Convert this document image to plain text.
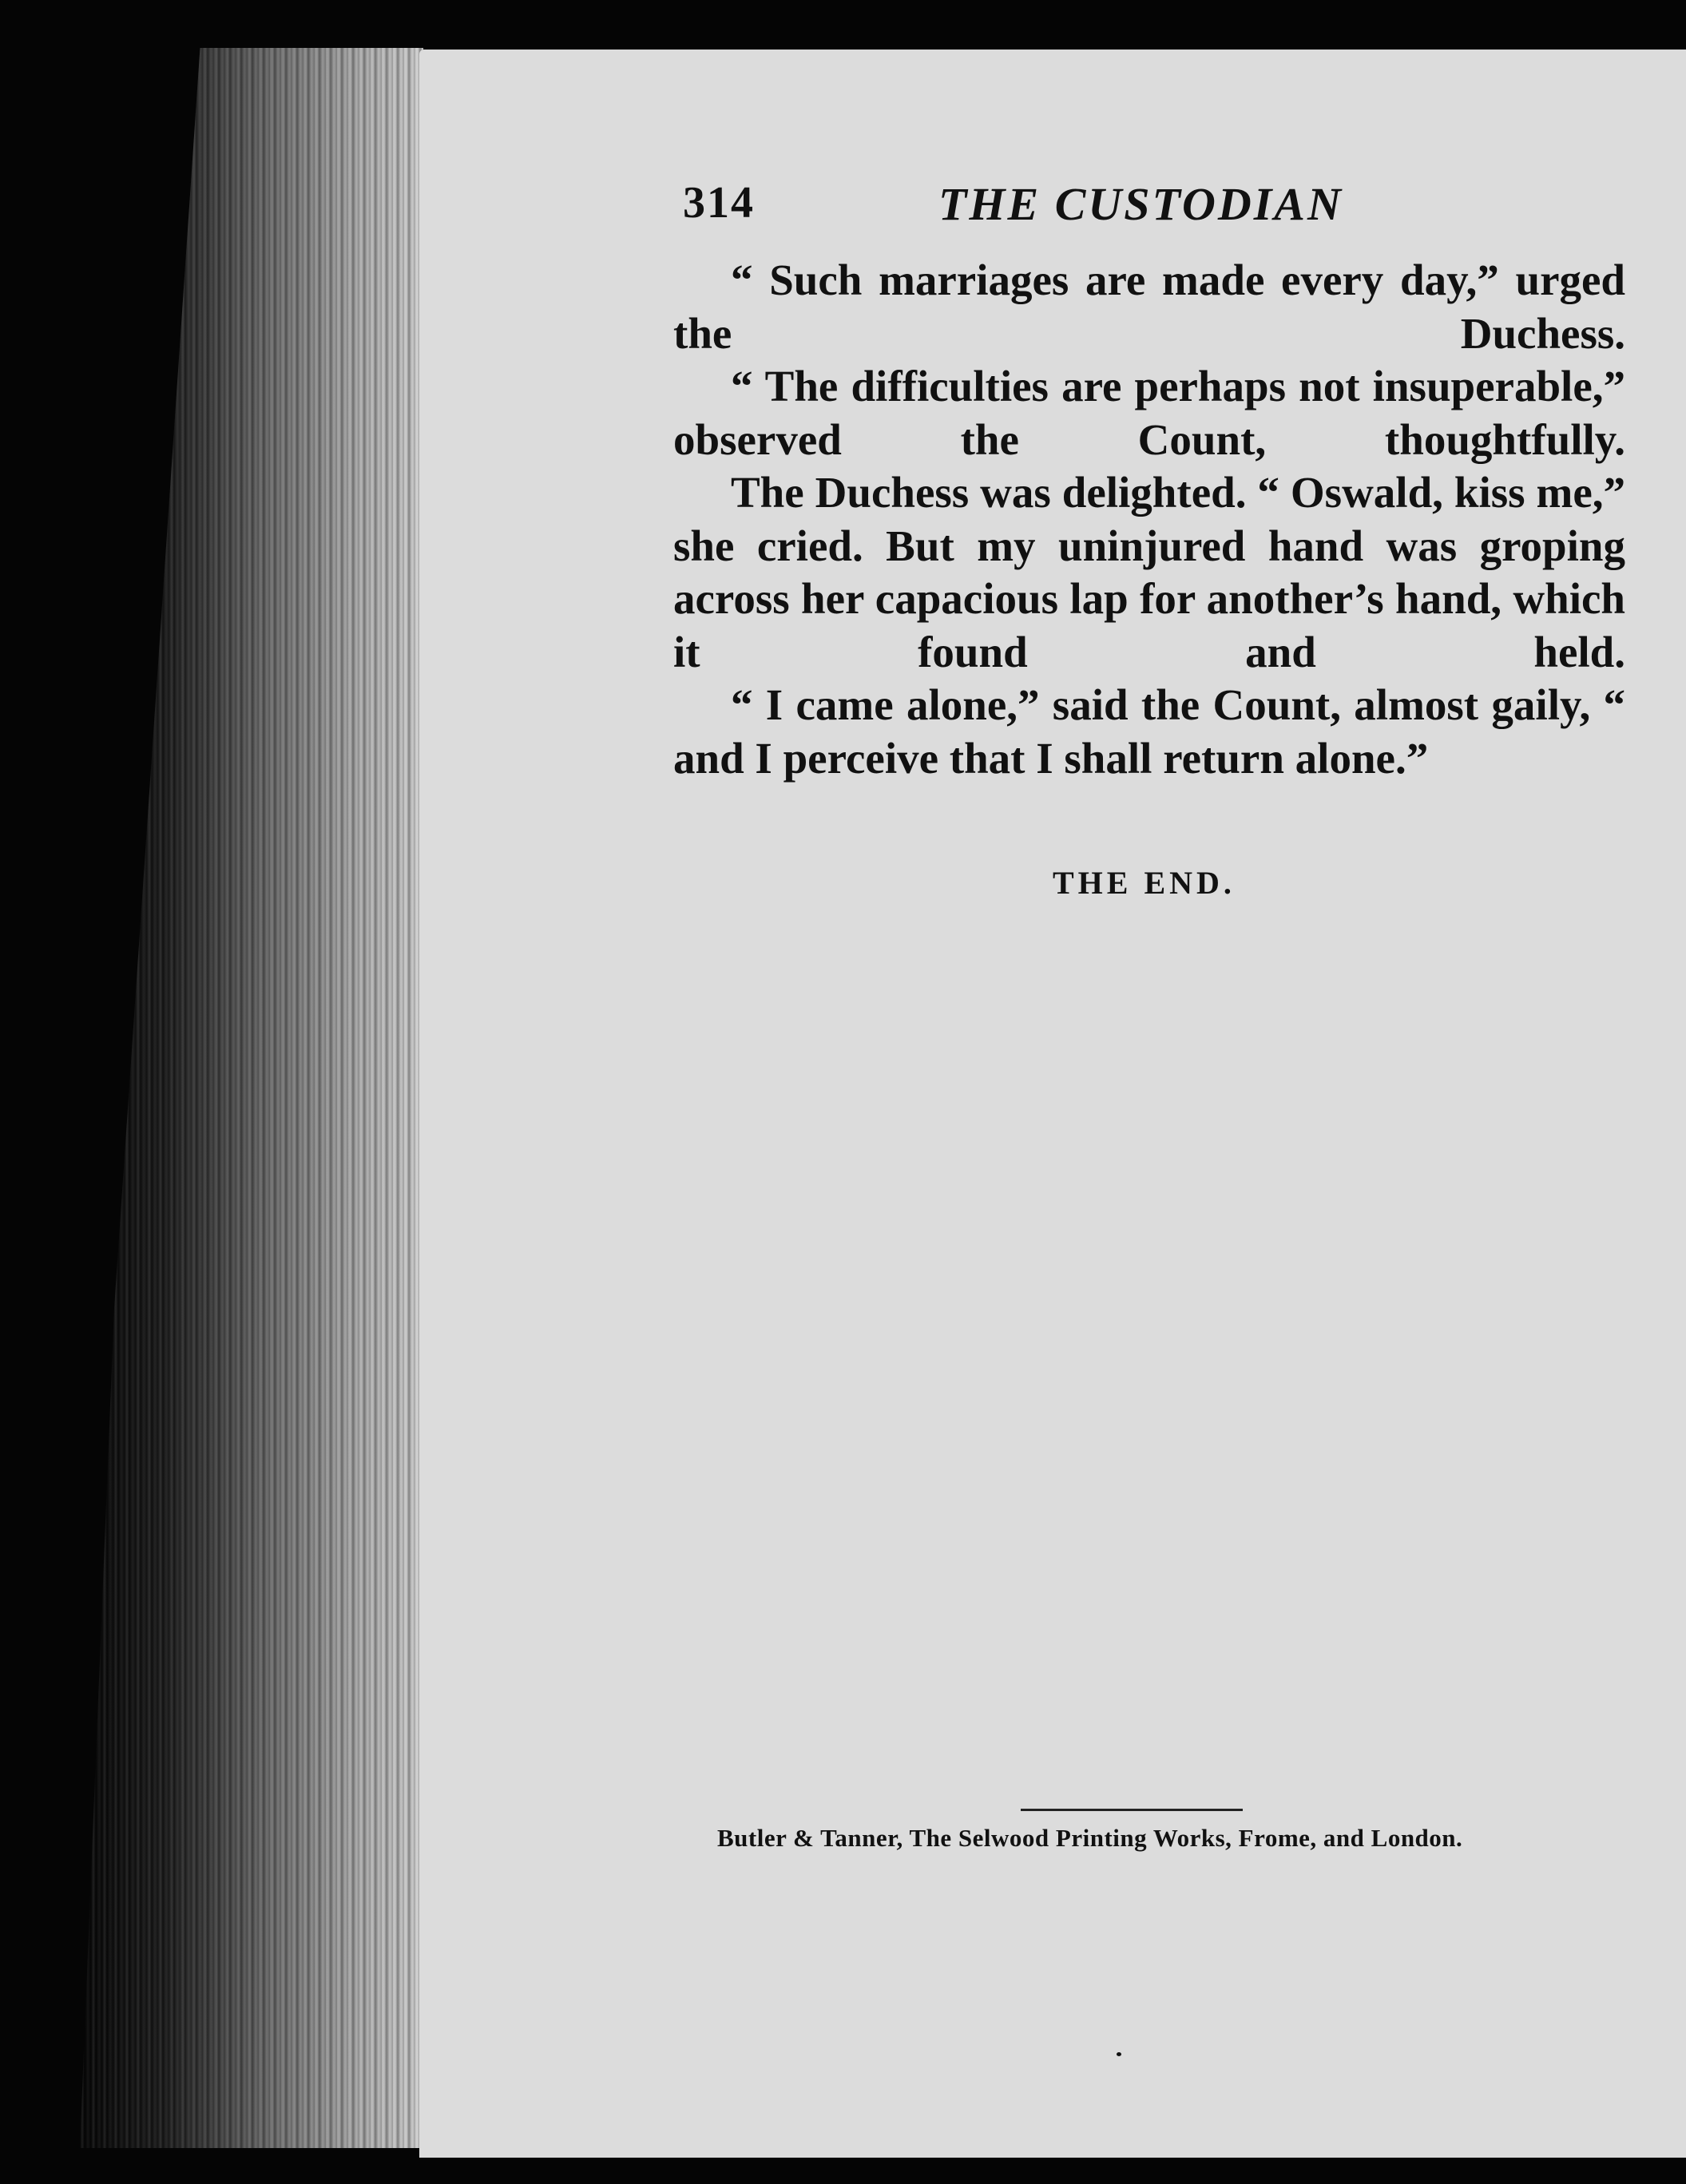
314	THE CUSTODIAN

“ Such marriages are made every day,” urged the Duchess.

“ The difficulties are perhaps not insuperable,” observed the Count, thoughtfully.

The Duchess was delighted. “ Oswald, kiss me,” she cried. But my uninjured hand was groping across her capacious lap for another’s hand, which it found and held.

“ I came alone,” said the Count, almost gaily, “ and I perceive that I shall return alone.”

THE END.
Butler & Tanner, The Selwood Printing Works, Frome, and London.
